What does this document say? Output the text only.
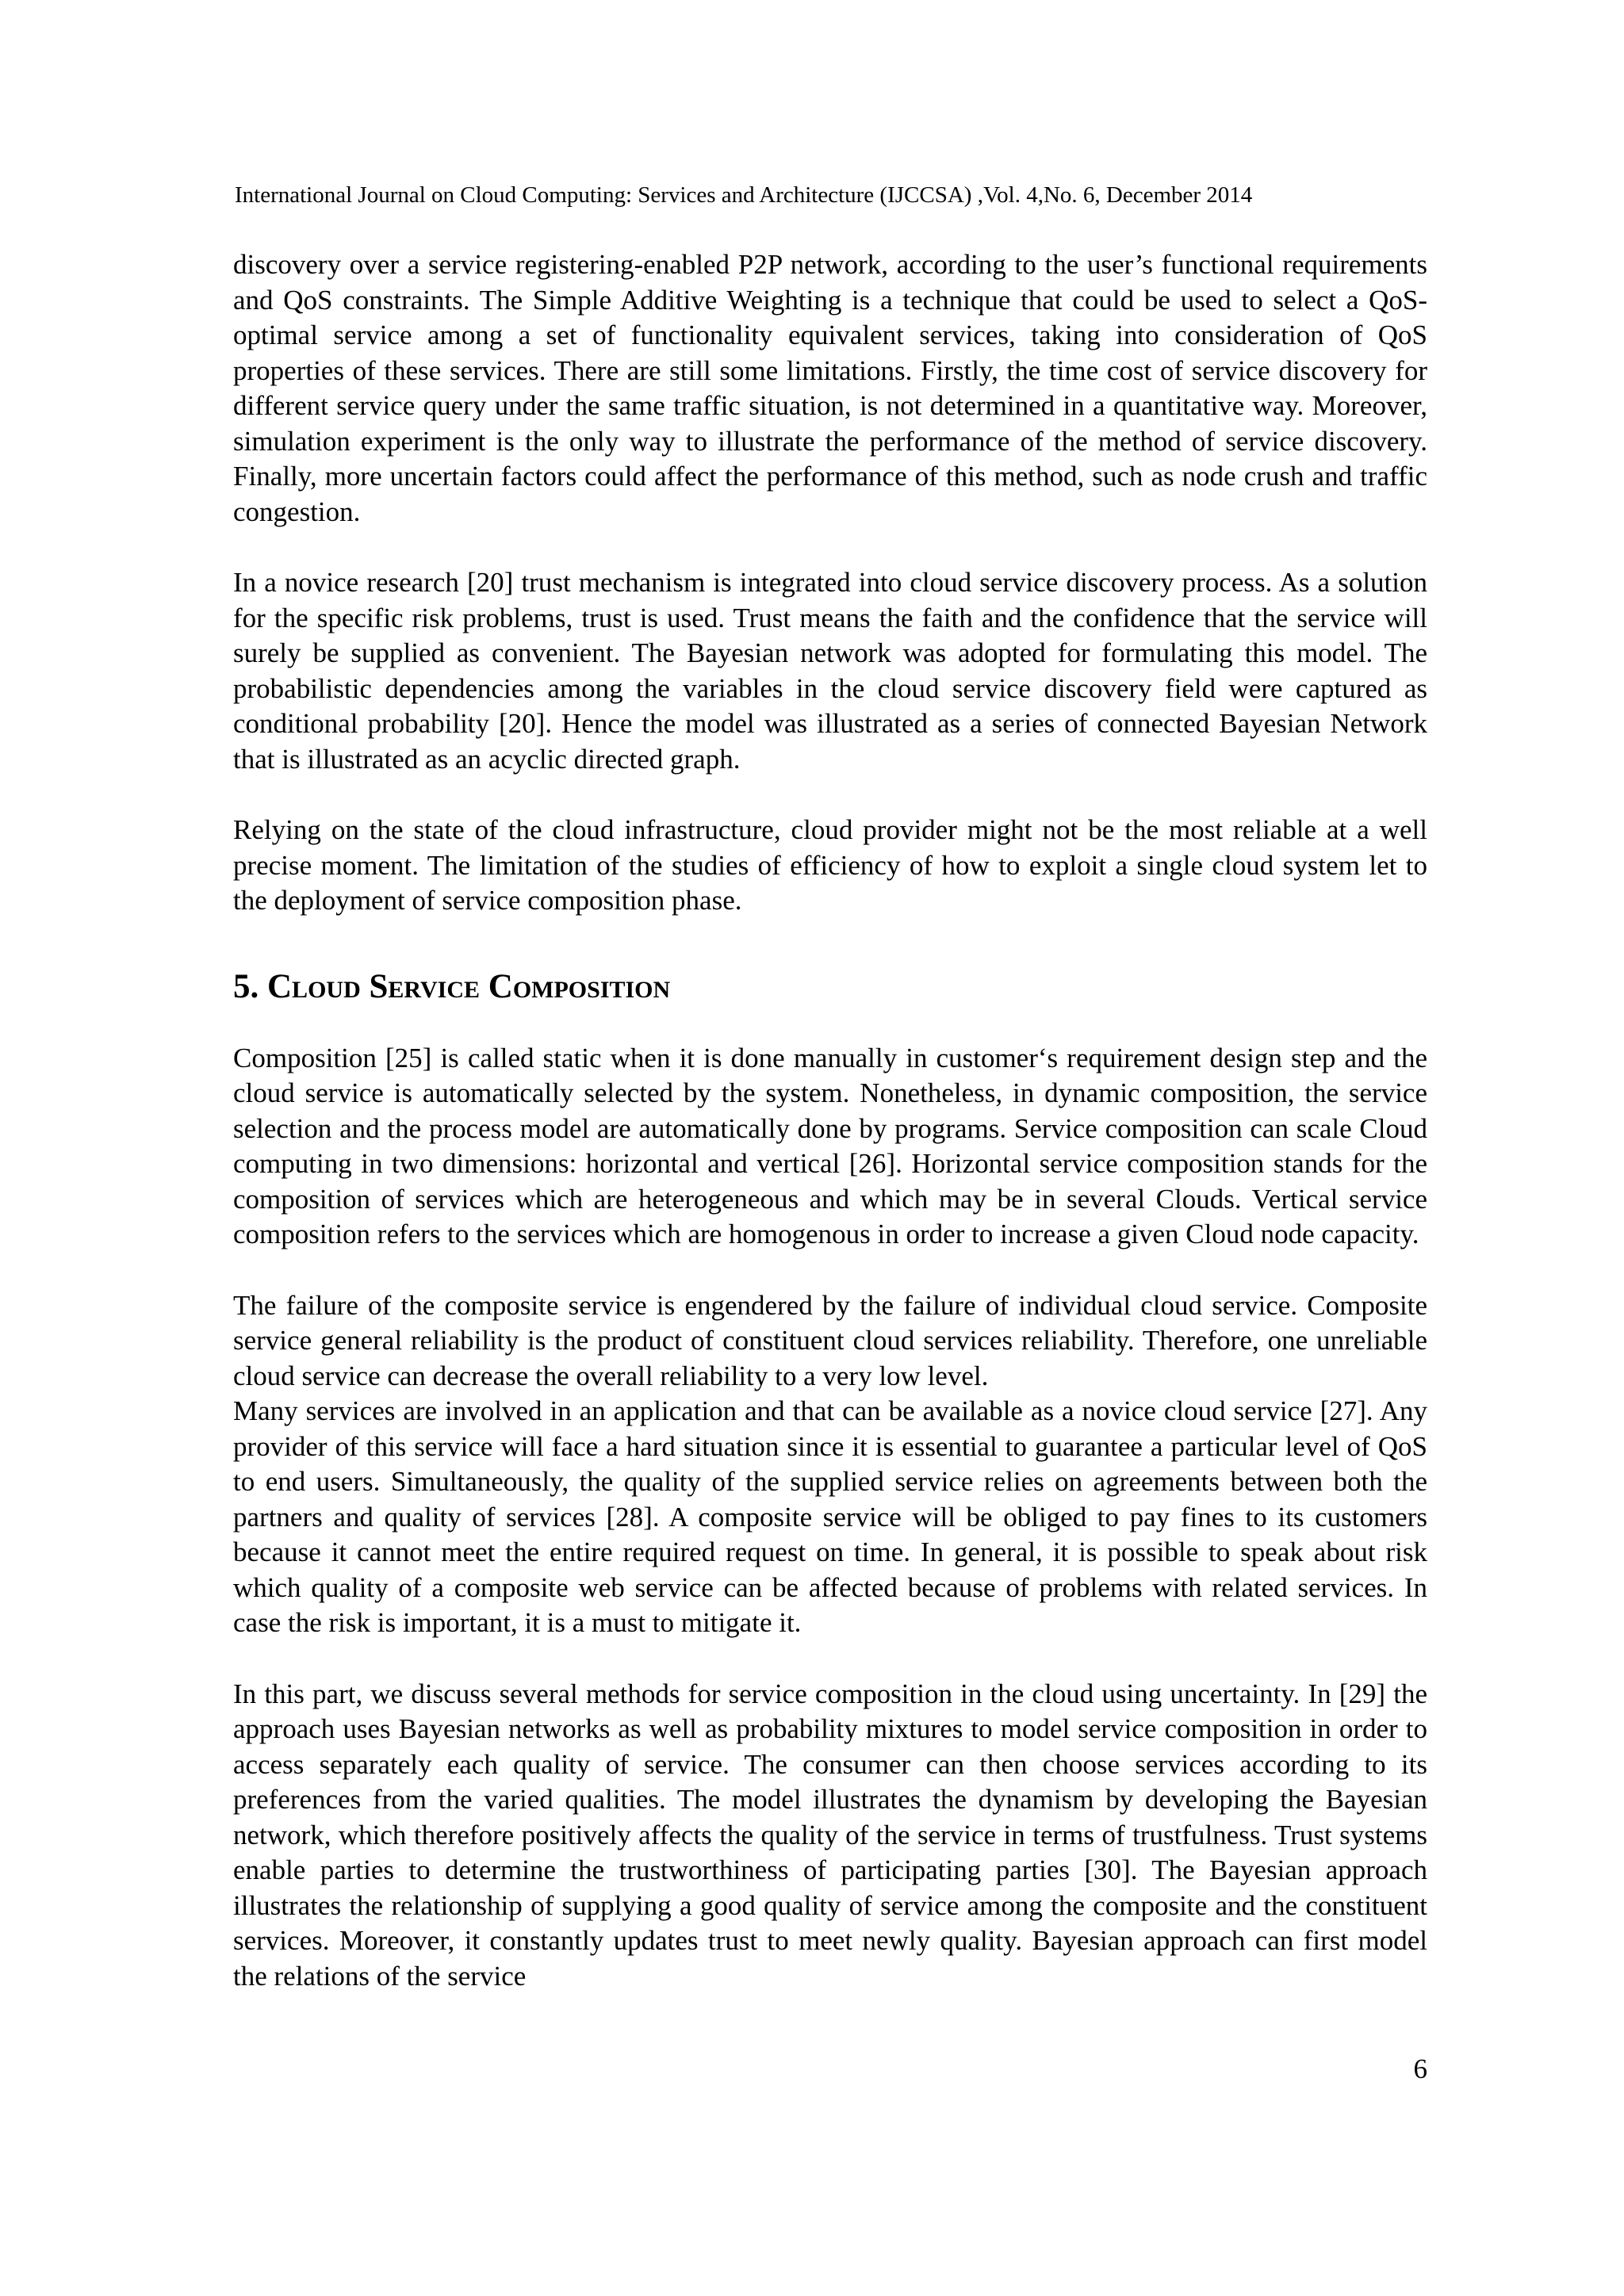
International Journal on Cloud Computing: Services and Architecture (IJCCSA) ,Vol. 4,No. 6, December 2014

discovery over a service registering-enabled P2P network, according to the user’s functional requirements and QoS constraints. The Simple Additive Weighting is a technique that could be used to select a QoS-optimal service among a set of functionality equivalent services, taking into consideration of QoS properties of these services. There are still some limitations. Firstly, the time cost of service discovery for different service query under the same traffic situation, is not determined in a quantitative way. Moreover, simulation experiment is the only way to illustrate the performance of the method of service discovery. Finally, more uncertain factors could affect the performance of this method, such as node crush and traffic congestion.

In a novice research [20] trust mechanism is integrated into cloud service discovery process. As a solution for the specific risk problems, trust is used. Trust means the faith and the confidence that the service will surely be supplied as convenient. The Bayesian network was adopted for formulating this model. The probabilistic dependencies among the variables in the cloud service discovery field were captured as conditional probability [20]. Hence the model was illustrated as a series of connected Bayesian Network that is illustrated as an acyclic directed graph.

Relying on the state of the cloud infrastructure, cloud provider might not be the most reliable at a well precise moment. The limitation of the studies of efficiency of how to exploit a single cloud system let to the deployment of service composition phase.

5. Cloud Service Composition

Composition [25] is called static when it is done manually in customer‘s requirement design step and the cloud service is automatically selected by the system. Nonetheless, in dynamic composition, the service selection and the process model are automatically done by programs. Service composition can scale Cloud computing in two dimensions: horizontal and vertical [26]. Horizontal service composition stands for the composition of services which are heterogeneous and which may be in several Clouds. Vertical service composition refers to the services which are homogenous in order to increase a given Cloud node capacity.

The failure of the composite service is engendered by the failure of individual cloud service. Composite service general reliability is the product of constituent cloud services reliability. Therefore, one unreliable cloud service can decrease the overall reliability to a very low level.

Many services are involved in an application and that can be available as a novice cloud service [27]. Any provider of this service will face a hard situation since it is essential to guarantee a particular level of QoS to end users. Simultaneously, the quality of the supplied service relies on agreements between both the partners and quality of services [28]. A composite service will be obliged to pay fines to its customers because it cannot meet the entire required request on time. In general, it is possible to speak about risk which quality of a composite web service can be affected because of problems with related services. In case the risk is important, it is a must to mitigate it.

In this part, we discuss several methods for service composition in the cloud using uncertainty. In [29] the approach uses Bayesian networks as well as probability mixtures to model service composition in order to access separately each quality of service. The consumer can then choose services according to its preferences from the varied qualities. The model illustrates the dynamism by developing the Bayesian network, which therefore positively affects the quality of the service in terms of trustfulness. Trust systems enable parties to determine the trustworthiness of participating parties [30]. The Bayesian approach illustrates the relationship of supplying a good quality of service among the composite and the constituent services. Moreover, it constantly updates trust to meet newly quality. Bayesian approach can first model the relations of the service

6
